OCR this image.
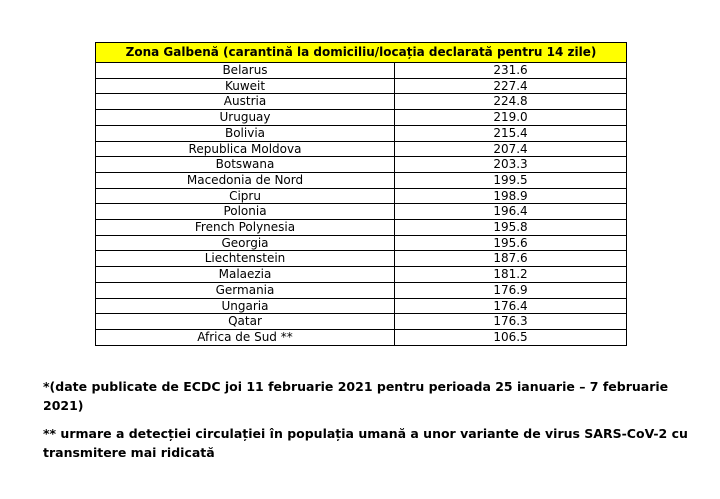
Zona Galbenă (carantină la domiciliu/locația declarată pentru 14 zile)	
Belarus	231.6
Kuweit	227.4
Austria	224.8
Uruguay	219.0
Bolivia	215.4
Republica Moldova	207.4
Botswana	203.3
Macedonia de Nord	199.5
Cipru	198.9
Polonia	196.4
French Polynesia	195.8
Georgia	195.6
Liechtenstein	187.6
Malaezia	181.2
Germania	176.9
Ungaria	176.4
Qatar	176.3
Africa de Sud **	106.5
*(date publicate de ECDC joi 11 februarie 2021 pentru perioada 25 ianuarie – 7 februarie 2021)
** urmare a detecției circulației în populația umană a unor variante de virus SARS-CoV-2 cu transmitere mai ridicată
